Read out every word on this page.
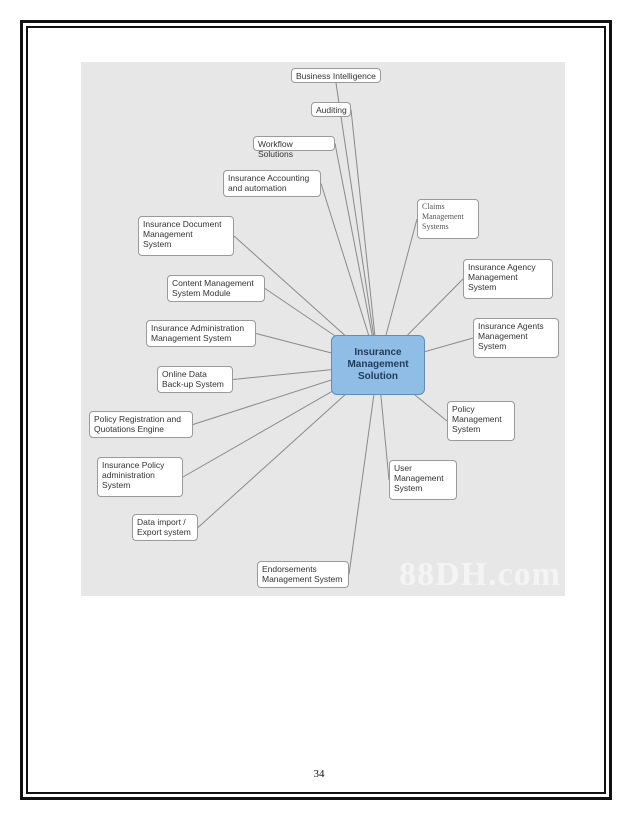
Business Intelligence
Auditing
Workflow Solutions
Insurance Accounting
and automation
Claims
Management
Systems
Insurance Document
Management
System
Insurance Agency
Management
System
Content Management
System Module
Insurance Agents
Management
System
Insurance Administration
Management System
Online Data
Back-up System
Policy
Management
System
Policy Registration and
Quotations Engine
Insurance Policy
administration
System
User
Management
System
Data import /
Export system
Endorsements
Management System
Insurance
Management
Solution
88DH.com
34
